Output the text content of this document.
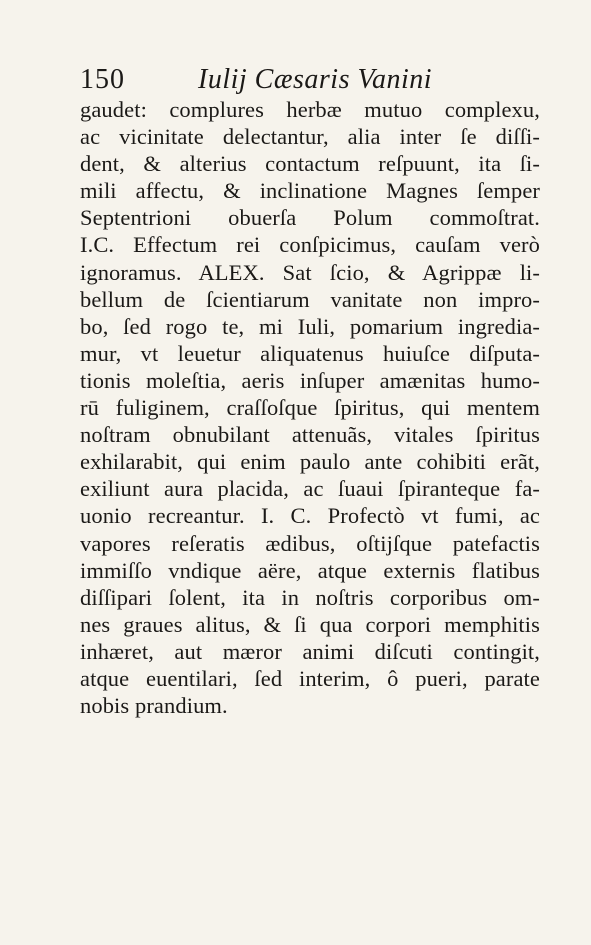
150	Iulij Cæsaris Vanini
gaudet: complures herbæ mutuo complexu,
ac vicinitate delectantur, alia inter ſe diſſi-
dent, & alterius contactum reſpuunt, ita ſi-
mili affectu, & inclinatione Magnes ſemper
Septentrioni obuerſa Polum commoſtrat.
I.C. Effectum rei conſpicimus, cauſam verò
ignoramus. ALEX. Sat ſcio, & Agrippæ li-
bellum de ſcientiarum vanitate non impro-
bo, ſed rogo te, mi Iuli, pomarium ingredia-
mur, vt leuetur aliquatenus huiuſce diſputa-
tionis moleſtia, aeris inſuper amænitas humo-
rū fuliginem, craſſoſque ſpiritus, qui mentem
noſtram obnubilant attenuãs, vitales ſpiritus
exhilarabit, qui enim paulo ante cohibiti erãt,
exiliunt aura placida, ac ſuaui ſpiranteque fa-
uonio recreantur. I. C. Profectò vt fumi, ac
vapores reſeratis ædibus, oſtijſque patefactis
immiſſo vndique aëre, atque externis flatibus
diſſipari ſolent, ita in noſtris corporibus om-
nes graues alitus, & ſi qua corpori memphitis
inhæret, aut mæror animi diſcuti contingit,
atque euentilari, ſed interim, ô pueri, parate
nobis prandium.
